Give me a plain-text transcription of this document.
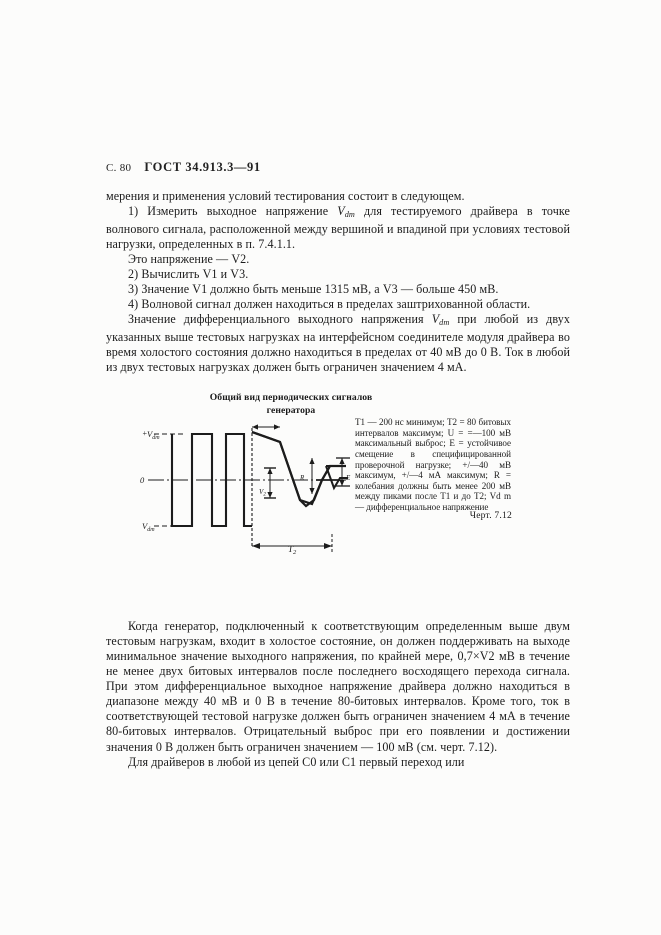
С. 80 ГОСТ 34.913.3—91

мерения и применения условий тестирования состоит в следующем.

1) Измерить выходное напряжение $V_{dm}$ для тестируемого драйвера в точке волнового сигнала, расположенной между вершиной и впадиной при условиях тестовой нагрузки, определенных в п. 7.4.1.1.

Это напряжение — V2.

2) Вычислить V1 и V3.

3) Значение V1 должно быть меньше 1315 мВ, а V3 — больше 450 мВ.

4) Волновой сигнал должен находиться в пределах заштрихованной области.

Значение дифференциального выходного напряжения $V_{dm}$ при любой из двух указанных выше тестовых нагрузках на интерфейсном соединителе модуля драйвера во время холостого состояния должно находиться в пределах от 40 мВ до 0 В. Ток в любой из двух тестовых нагрузках должен быть ограничен значением 4 мА.

Общий вид периодических сигналов
генератора
+ $V_{dm}$
0
$V_{dm}$
$T_2$
$V_2$
R	E
T1 — 200 нс минимум; T2 = 80 битовых интервалов максимум; U = =—100 мВ максимальный выброс; E = устойчивое смещение в специфицированной проверочной нагрузке; +/—40 мВ максимум, +/—4 мА максимум; R = колебания должны быть менее 200 мВ между пиками после T1 и до T2; Vd m — дифференциальное напряжение
Черт. 7.12

Когда генератор, подключенный к соответствующим определенным выше двум тестовым нагрузкам, входит в холостое состояние, он должен поддерживать на выходе минимальное значение выходного напряжения, по крайней мере, 0,7×V2 мВ в течение не менее двух битовых интервалов после последнего восходящего перехода сигнала. При этом дифференциальное выходное напряжение драйвера должно находиться в диапазоне между 40 мВ и 0 В в течение 80-битовых интервалов. Кроме того, ток в соответствующей тестовой нагрузке должен быть ограничен значением 4 мА в течение 80-битовых интервалов. Отрицательный выброс при его появлении и достижении значения 0 В должен быть ограничен значением — 100 мВ (см. черт. 7.12).

Для драйверов в любой из цепей С0 или С1 первый переход или
